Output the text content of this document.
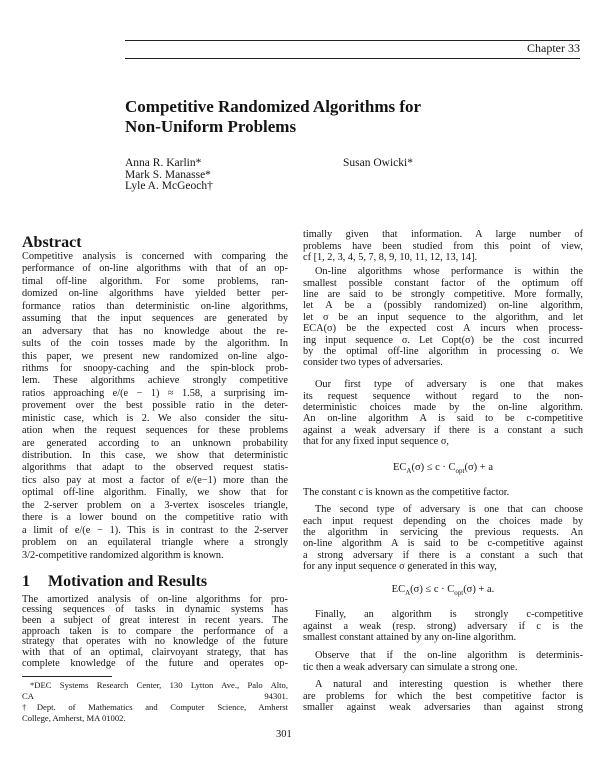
Chapter 33
Competitive Randomized Algorithms for
Non-Uniform Problems
Anna R. Karlin*
Mark S. Manasse*
Lyle A. McGeoch†
Susan Owicki*
Abstract
Competitive analysis is concerned with comparing the
performance of on-line algorithms with that of an op-
timal off-line algorithm. For some problems, ran-
domized on-line algorithms have yielded better per-
formance ratios than deterministic on-line algorithms,
assuming that the input sequences are generated by
an adversary that has no knowledge about the re-
sults of the coin tosses made by the algorithm. In
this paper, we present new randomized on-line algo-
rithms for snoopy-caching and the spin-block prob-
lem. These algorithms achieve strongly competitive
ratios approaching e/(e − 1) ≈ 1.58, a surprising im-
provement over the best possible ratio in the deter-
ministic case, which is 2. We also consider the situ-
ation when the request sequences for these problems
are generated according to an unknown probability
distribution. In this case, we show that deterministic
algorithms that adapt to the observed request statis-
tics also pay at most a factor of e/(e−1) more than the
optimal off-line algorithm. Finally, we show that for
the 2-server problem on a 3-vertex isosceles triangle,
there is a lower bound on the competitive ratio with
a limit of e/(e − 1). This is in contrast to the 2-server
problem on an equilateral triangle where a strongly
3/2-competitive randomized algorithm is known.
1 Motivation and Results
The amortized analysis of on-line algorithms for pro-
cessing sequences of tasks in dynamic systems has
been a subject of great interest in recent years. The
approach taken is to compare the performance of a
strategy that operates with no knowledge of the future
with that of an optimal, clairvoyant strategy, that has
complete knowledge of the future and operates op-
*DEC Systems Research Center, 130 Lytton Ave., Palo Alto,
CA 94301.
†Dept. of Mathematics and Computer Science, Amherst
College, Amherst, MA 01002.
timally given that information. A large number of
problems have been studied from this point of view,
cf [1, 2, 3, 4, 5, 7, 8, 9, 10, 11, 12, 13, 14].
On-line algorithms whose performance is within the
smallest possible constant factor of the optimum off
line are said to be strongly competitive. More formally,
let A be a (possibly randomized) on-line algorithm,
let σ be an input sequence to the algorithm, and let
ECA(σ) be the expected cost A incurs when process-
ing input sequence σ. Let Copt(σ) be the cost incurred
by the optimal off-line algorithm in processing σ. We
consider two types of adversaries.
Our first type of adversary is one that makes
its request sequence without regard to the non-
deterministic choices made by the on-line algorithm.
An on-line algorithm A is said to be c-competitive
against a weak adversary if there is a constant a such
that for any fixed input sequence σ,
$EC_A(\sigma) \le c \cdot C_{opt}(\sigma) + a$
The constant c is known as the competitive factor.
The second type of adversary is one that can choose
each input request depending on the choices made by
the algorithm in servicing the previous requests. An
on-line algorithm A is said to be c-competitive against
a strong adversary if there is a constant a such that
for any input sequence σ generated in this way,
$EC_A(\sigma) \le c \cdot C_{opt}(\sigma) + a$.
Finally, an algorithm is strongly c-competitive
against a weak (resp. strong) adversary if c is the
smallest constant attained by any on-line algorithm.
Observe that if the on-line algorithm is determinis-
tic then a weak adversary can simulate a strong one.
A natural and interesting question is whether there
are problems for which the best competitive factor is
smaller against weak adversaries than against strong
301
